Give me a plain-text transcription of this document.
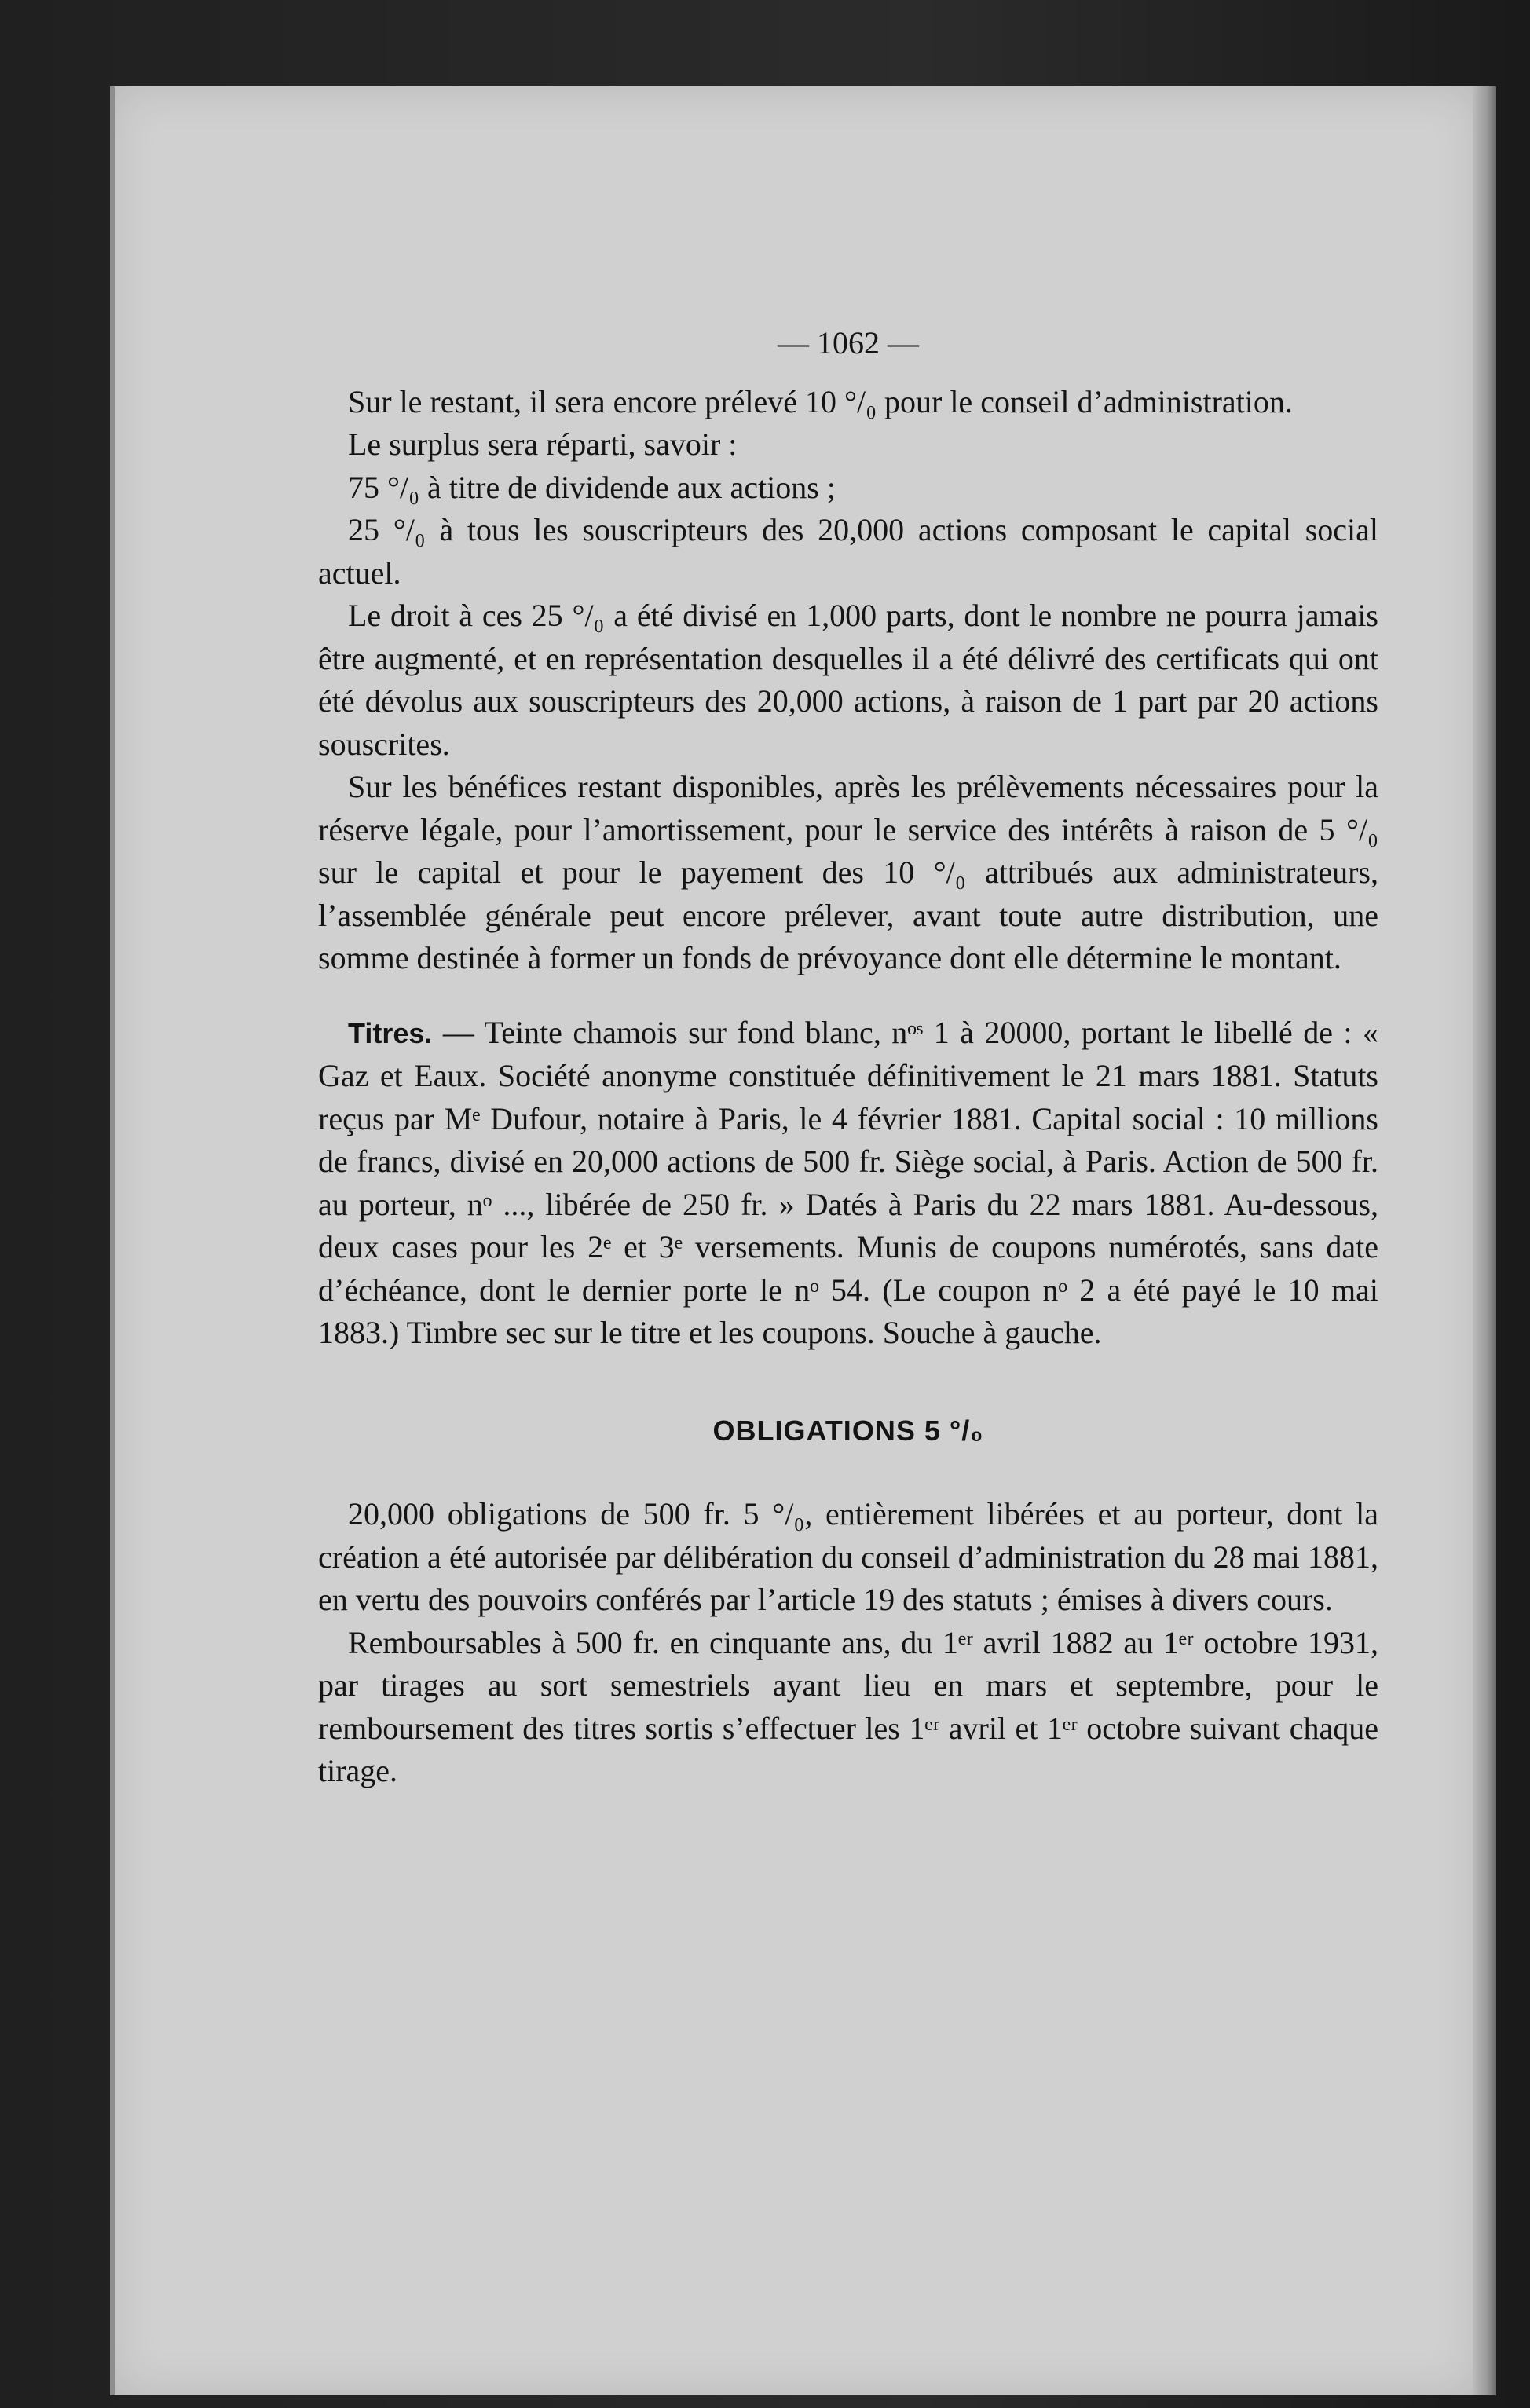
— 1062 —

Sur le restant, il sera encore prélevé 10 °/₀ pour le conseil d’administration.

Le surplus sera réparti, savoir :

75 °/₀ à titre de dividende aux actions ;

25 °/₀ à tous les souscripteurs des 20,000 actions composant le capital social actuel.

Le droit à ces 25 °/₀ a été divisé en 1,000 parts, dont le nombre ne pourra jamais être augmenté, et en représentation desquelles il a été délivré des certificats qui ont été dévolus aux souscripteurs des 20,000 actions, à raison de 1 part par 20 actions souscrites.

Sur les bénéfices restant disponibles, après les prélèvements nécessaires pour la réserve légale, pour l’amortissement, pour le service des intérêts à raison de 5 °/₀ sur le capital et pour le payement des 10 °/₀ attribués aux administrateurs, l’assemblée générale peut encore prélever, avant toute autre distribution, une somme destinée à former un fonds de prévoyance dont elle détermine le montant.

Titres. — Teinte chamois sur fond blanc, nᵒˢ 1 à 20000, portant le libellé de : « Gaz et Eaux. Société anonyme constituée définitivement le 21 mars 1881. Statuts reçus par Mᵉ Dufour, notaire à Paris, le 4 février 1881. Capital social : 10 millions de francs, divisé en 20,000 actions de 500 fr. Siège social, à Paris. Action de 500 fr. au porteur, nᵒ ..., libérée de 250 fr. » Datés à Paris du 22 mars 1881. Au-dessous, deux cases pour les 2ᵉ et 3ᵉ versements. Munis de coupons numérotés, sans date d’échéance, dont le dernier porte le nᵒ 54. (Le coupon nᵒ 2 a été payé le 10 mai 1883.) Timbre sec sur le titre et les coupons. Souche à gauche.

OBLIGATIONS 5 °/₀

20,000 obligations de 500 fr. 5 °/₀, entièrement libérées et au porteur, dont la création a été autorisée par délibération du conseil d’administration du 28 mai 1881, en vertu des pouvoirs conférés par l’article 19 des statuts ; émises à divers cours.

Remboursables à 500 fr. en cinquante ans, du 1ᵉʳ avril 1882 au 1ᵉʳ octobre 1931, par tirages au sort semestriels ayant lieu en mars et septembre, pour le remboursement des titres sortis s’effectuer les 1ᵉʳ avril et 1ᵉʳ octobre suivant chaque tirage.
